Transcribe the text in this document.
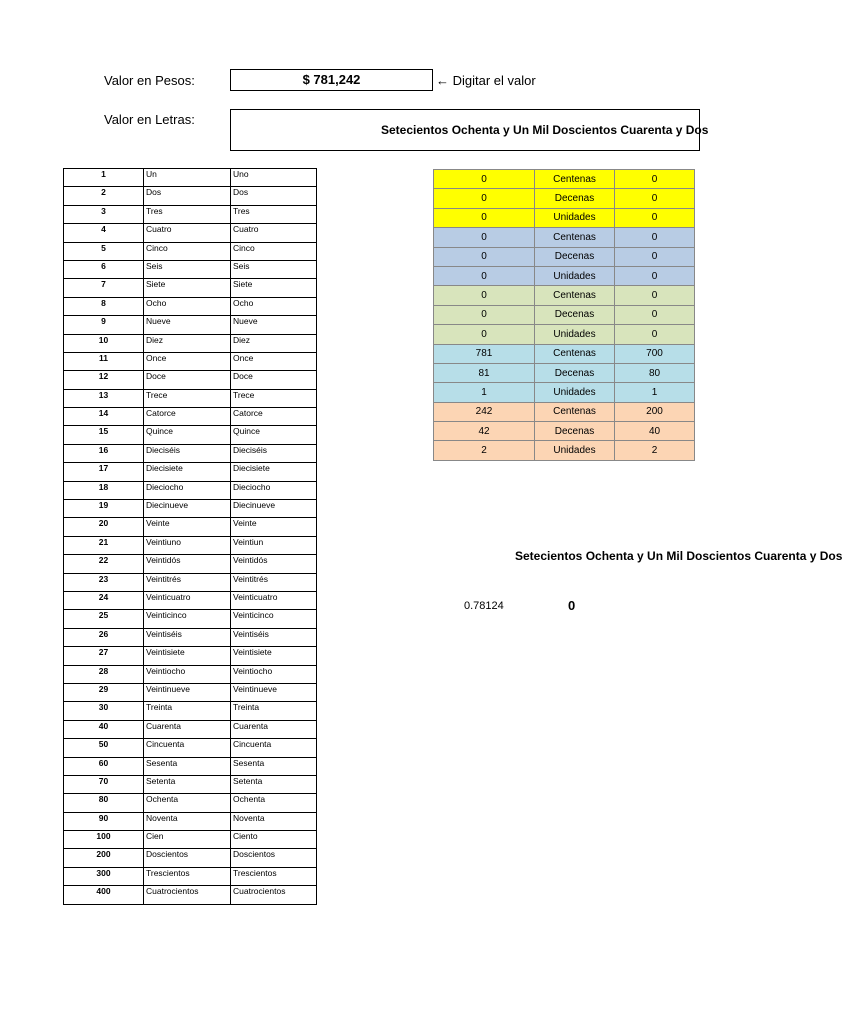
Valor en Pesos:	$ 781,242	← Digitar el valor
Valor en Letras:
Setecientos Ochenta y Un Mil Doscientos Cuarenta y Dos
1	Un	Uno
2	Dos	Dos
3	Tres	Tres
4	Cuatro	Cuatro
5	Cinco	Cinco
6	Seis	Seis
7	Siete	Siete
8	Ocho	Ocho
9	Nueve	Nueve
10	Diez	Diez
11	Once	Once
12	Doce	Doce
13	Trece	Trece
14	Catorce	Catorce
15	Quince	Quince
16	Dieciséis	Dieciséis
17	Diecisiete	Diecisiete
18	Dieciocho	Dieciocho
19	Diecinueve	Diecinueve
20	Veinte	Veinte
21	Veintiuno	Veintiun
22	Veintidós	Veintidós
23	Veintitrés	Veintitrés
24	Veinticuatro	Veinticuatro
25	Veinticinco	Veinticinco
26	Veintiséis	Veintiséis
27	Veintisiete	Veintisiete
28	Veintiocho	Veintiocho
29	Veintinueve	Veintinueve
30	Treinta	Treinta
40	Cuarenta	Cuarenta
50	Cincuenta	Cincuenta
60	Sesenta	Sesenta
70	Setenta	Setenta
80	Ochenta	Ochenta
90	Noventa	Noventa
100	Cien	Ciento
200	Doscientos	Doscientos
300	Trescientos	Trescientos
400	Cuatrocientos	Cuatrocientos
0	Centenas	0
0	Decenas	0
0	Unidades	0
0	Centenas	0
0	Decenas	0
0	Unidades	0
0	Centenas	0
0	Decenas	0
0	Unidades	0
781	Centenas	700
81	Decenas	80
1	Unidades	1
242	Centenas	200
42	Decenas	40
2	Unidades	2
Setecientos Ochenta y Un Mil Doscientos Cuarenta y Dos
0.78124	0
